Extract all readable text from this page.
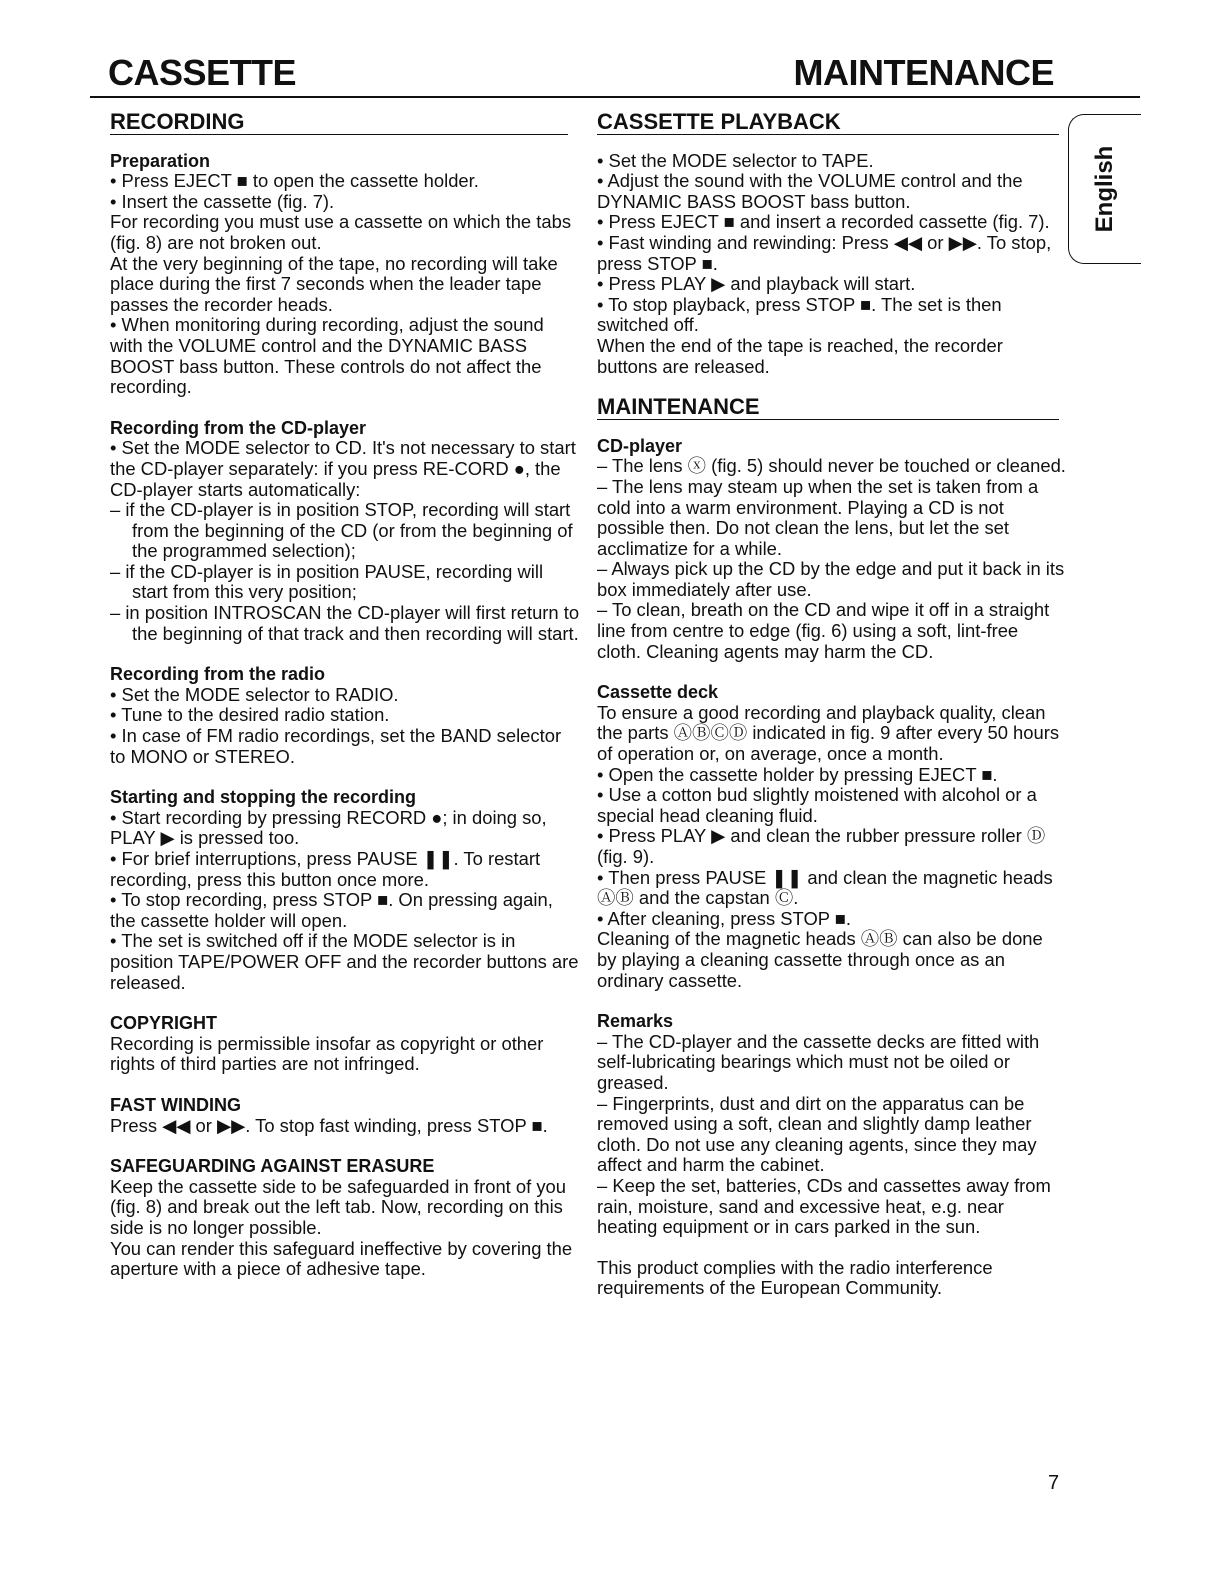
CASSETTE	MAINTENANCE
English
RECORDING

Preparation

• Press EJECT ■ to open the cassette holder.

• Insert the cassette (fig. 7).

For recording you must use a cassette on which the tabs (fig. 8) are not broken out.

At the very beginning of the tape, no recording will take place during the first 7 seconds when the leader tape passes the recorder heads.

• When monitoring during recording, adjust the sound with the VOLUME control and the DYNAMIC BASS BOOST bass button. These controls do not affect the recording.

Recording from the CD-player

• Set the MODE selector to CD. It's not necessary to start the CD-player separately: if you press RE-CORD ●, the CD-player starts automatically:

– if the CD-player is in position STOP, recording will start from the beginning of the CD (or from the beginning of the programmed selection);

– if the CD-player is in position PAUSE, recording will start from this very position;

– in position INTROSCAN the CD-player will first return to the beginning of that track and then recording will start.

Recording from the radio

• Set the MODE selector to RADIO.

• Tune to the desired radio station.

• In case of FM radio recordings, set the BAND selector to MONO or STEREO.

Starting and stopping the recording

• Start recording by pressing RECORD ●; in doing so, PLAY ▶ is pressed too.

• For brief interruptions, press PAUSE ❚❚. To restart recording, press this button once more.

• To stop recording, press STOP ■. On pressing again, the cassette holder will open.

• The set is switched off if the MODE selector is in position TAPE/POWER OFF and the recorder buttons are released.

COPYRIGHT

Recording is permissible insofar as copyright or other rights of third parties are not infringed.

FAST WINDING

Press ◀◀ or ▶▶. To stop fast winding, press STOP ■.

SAFEGUARDING AGAINST ERASURE

Keep the cassette side to be safeguarded in front of you (fig. 8) and break out the left tab. Now, recording on this side is no longer possible.

You can render this safeguard ineffective by covering the aperture with a piece of adhesive tape.

CASSETTE PLAYBACK

• Set the MODE selector to TAPE.

• Adjust the sound with the VOLUME control and the DYNAMIC BASS BOOST bass button.

• Press EJECT ■ and insert a recorded cassette (fig. 7).

• Fast winding and rewinding: Press ◀◀ or ▶▶. To stop, press STOP ■.

• Press PLAY ▶ and playback will start.

• To stop playback, press STOP ■. The set is then switched off.

When the end of the tape is reached, the recorder buttons are released.

MAINTENANCE

CD-player

– The lens ⓧ (fig. 5) should never be touched or cleaned.

– The lens may steam up when the set is taken from a cold into a warm environment. Playing a CD is not possible then. Do not clean the lens, but let the set acclimatize for a while.

– Always pick up the CD by the edge and put it back in its box immediately after use.

– To clean, breath on the CD and wipe it off in a straight line from centre to edge (fig. 6) using a soft, lint-free cloth. Cleaning agents may harm the CD.

Cassette deck

To ensure a good recording and playback quality, clean the parts ⒶⒷⒸⒹ indicated in fig. 9 after every 50 hours of operation or, on average, once a month.

• Open the cassette holder by pressing EJECT ■.

• Use a cotton bud slightly moistened with alcohol or a special head cleaning fluid.

• Press PLAY ▶ and clean the rubber pressure roller Ⓓ (fig. 9).

• Then press PAUSE ❚❚ and clean the magnetic heads ⒶⒷ and the capstan Ⓒ.

• After cleaning, press STOP ■.

Cleaning of the magnetic heads ⒶⒷ can also be done by playing a cleaning cassette through once as an ordinary cassette.

Remarks

– The CD-player and the cassette decks are fitted with self-lubricating bearings which must not be oiled or greased.

– Fingerprints, dust and dirt on the apparatus can be removed using a soft, clean and slightly damp leather cloth. Do not use any cleaning agents, since they may affect and harm the cabinet.

– Keep the set, batteries, CDs and cassettes away from rain, moisture, sand and excessive heat, e.g. near heating equipment or in cars parked in the sun.

This product complies with the radio interference requirements of the European Community.

7
